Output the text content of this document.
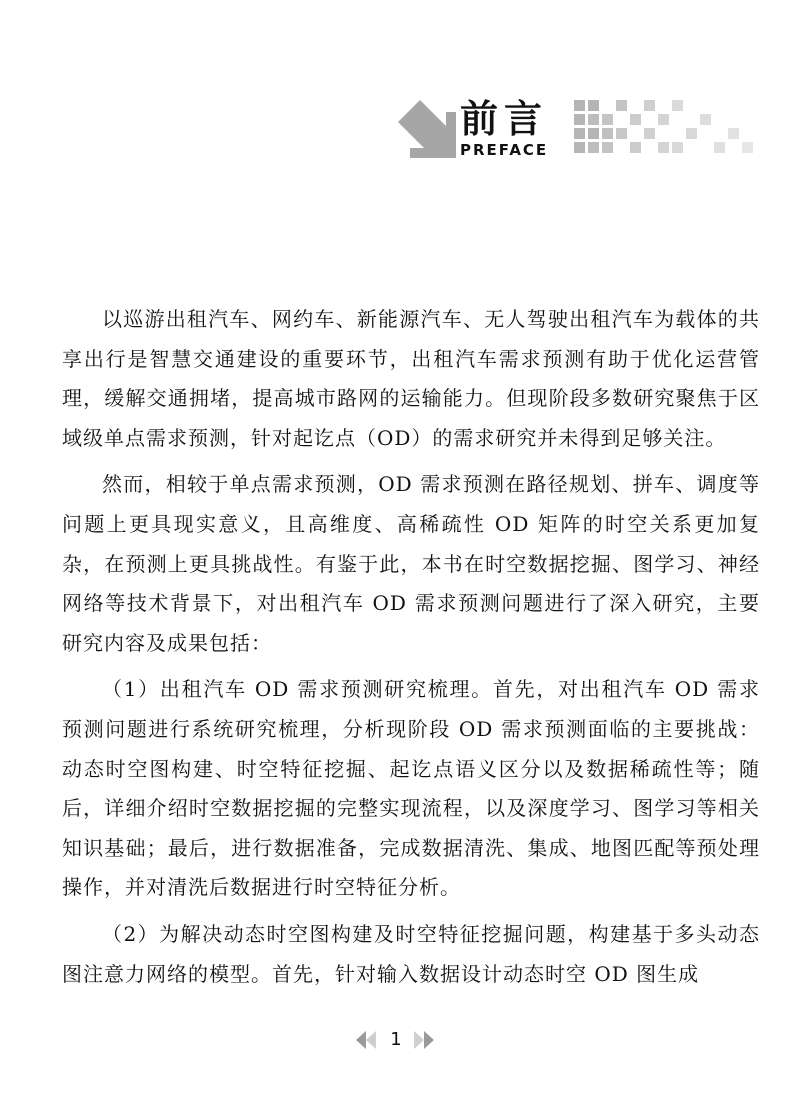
前言
PREFACE

以巡游出租汽车、网约车、新能源汽车、无人驾驶出租汽车为载体的共享出行是智慧交通建设的重要环节，出租汽车需求预测有助于优化运营管理，缓解交通拥堵，提高城市路网的运输能力。但现阶段多数研究聚焦于区域级单点需求预测，针对起讫点（OD）的需求研究并未得到足够关注。

然而，相较于单点需求预测，OD 需求预测在路径规划、拼车、调度等问题上更具现实意义，且高维度、高稀疏性 OD 矩阵的时空关系更加复杂，在预测上更具挑战性。有鉴于此，本书在时空数据挖掘、图学习、神经网络等技术背景下，对出租汽车 OD 需求预测问题进行了深入研究，主要研究内容及成果包括：

（1）出租汽车 OD 需求预测研究梳理。首先，对出租汽车 OD 需求预测问题进行系统研究梳理，分析现阶段 OD 需求预测面临的主要挑战：动态时空图构建、时空特征挖掘、起讫点语义区分以及数据稀疏性等；随后，详细介绍时空数据挖掘的完整实现流程，以及深度学习、图学习等相关知识基础；最后，进行数据准备，完成数据清洗、集成、地图匹配等预处理操作，并对清洗后数据进行时空特征分析。

（2）为解决动态时空图构建及时空特征挖掘问题，构建基于多头动态图注意力网络的模型。首先，针对输入数据设计动态时空 OD 图生成

1
